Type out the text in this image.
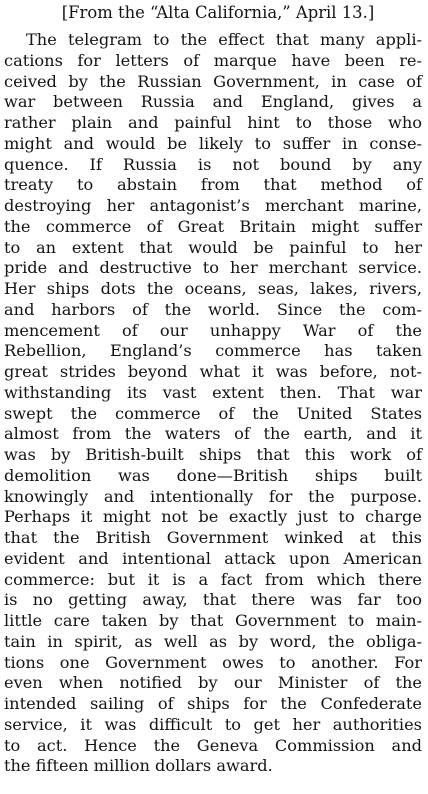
[From the “Alta California,” April 13.]
The telegram to the effect that many appli-
cations for letters of marque have been re-
ceived by the Russian Government, in case of
war between Russia and England, gives a
rather plain and painful hint to those who
might and would be likely to suffer in conse-
quence. If Russia is not bound by any
treaty to abstain from that method of
destroying her antagonist’s merchant marine,
the commerce of Great Britain might suffer
to an extent that would be painful to her
pride and destructive to her merchant service.
Her ships dots the oceans, seas, lakes, rivers,
and harbors of the world. Since the com-
mencement of our unhappy War of the
Rebellion, England’s commerce has taken
great strides beyond what it was before, not-
withstanding its vast extent then. That war
swept the commerce of the United States
almost from the waters of the earth, and it
was by British-built ships that this work of
demolition was done—British ships built
knowingly and intentionally for the purpose.
Perhaps it might not be exactly just to charge
that the British Government winked at this
evident and intentional attack upon American
commerce: but it is a fact from which there
is no getting away, that there was far too
little care taken by that Government to main-
tain in spirit, as well as by word, the obliga-
tions one Government owes to another. For
even when notified by our Minister of the
intended sailing of ships for the Confederate
service, it was difficult to get her authorities
to act. Hence the Geneva Commission and
the fifteen million dollars award.
